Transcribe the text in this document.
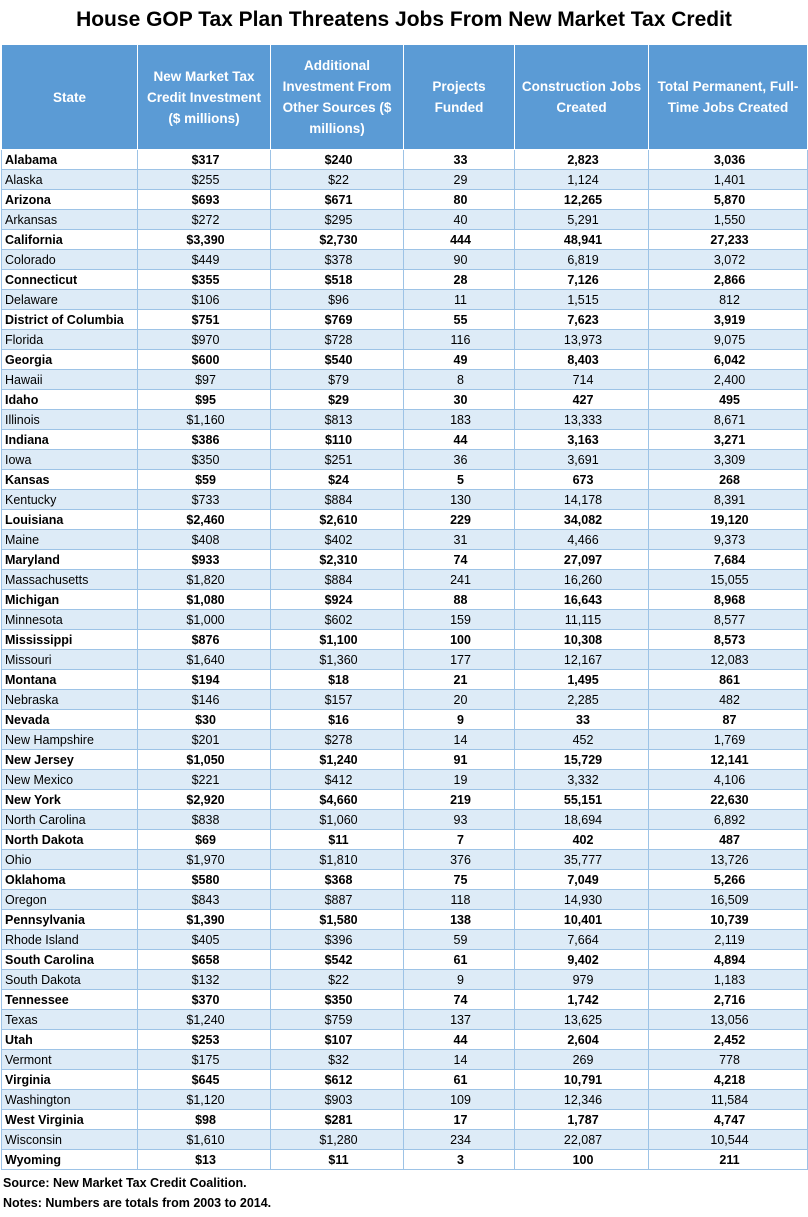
House GOP Tax Plan Threatens Jobs From New Market Tax Credit
State	New Market Tax Credit Investment ($ millions)	Additional Investment From Other Sources ($ millions)	Projects Funded	Construction Jobs Created	Total Permanent, Full-Time Jobs Created
Alabama	$317	$240	33	2,823	3,036
Alaska	$255	$22	29	1,124	1,401
Arizona	$693	$671	80	12,265	5,870
Arkansas	$272	$295	40	5,291	1,550
California	$3,390	$2,730	444	48,941	27,233
Colorado	$449	$378	90	6,819	3,072
Connecticut	$355	$518	28	7,126	2,866
Delaware	$106	$96	11	1,515	812
District of Columbia	$751	$769	55	7,623	3,919
Florida	$970	$728	116	13,973	9,075
Georgia	$600	$540	49	8,403	6,042
Hawaii	$97	$79	8	714	2,400
Idaho	$95	$29	30	427	495
Illinois	$1,160	$813	183	13,333	8,671
Indiana	$386	$110	44	3,163	3,271
Iowa	$350	$251	36	3,691	3,309
Kansas	$59	$24	5	673	268
Kentucky	$733	$884	130	14,178	8,391
Louisiana	$2,460	$2,610	229	34,082	19,120
Maine	$408	$402	31	4,466	9,373
Maryland	$933	$2,310	74	27,097	7,684
Massachusetts	$1,820	$884	241	16,260	15,055
Michigan	$1,080	$924	88	16,643	8,968
Minnesota	$1,000	$602	159	11,115	8,577
Mississippi	$876	$1,100	100	10,308	8,573
Missouri	$1,640	$1,360	177	12,167	12,083
Montana	$194	$18	21	1,495	861
Nebraska	$146	$157	20	2,285	482
Nevada	$30	$16	9	33	87
New Hampshire	$201	$278	14	452	1,769
New Jersey	$1,050	$1,240	91	15,729	12,141
New Mexico	$221	$412	19	3,332	4,106
New York	$2,920	$4,660	219	55,151	22,630
North Carolina	$838	$1,060	93	18,694	6,892
North Dakota	$69	$11	7	402	487
Ohio	$1,970	$1,810	376	35,777	13,726
Oklahoma	$580	$368	75	7,049	5,266
Oregon	$843	$887	118	14,930	16,509
Pennsylvania	$1,390	$1,580	138	10,401	10,739
Rhode Island	$405	$396	59	7,664	2,119
South Carolina	$658	$542	61	9,402	4,894
South Dakota	$132	$22	9	979	1,183
Tennessee	$370	$350	74	1,742	2,716
Texas	$1,240	$759	137	13,625	13,056
Utah	$253	$107	44	2,604	2,452
Vermont	$175	$32	14	269	778
Virginia	$645	$612	61	10,791	4,218
Washington	$1,120	$903	109	12,346	11,584
West Virginia	$98	$281	17	1,787	4,747
Wisconsin	$1,610	$1,280	234	22,087	10,544
Wyoming	$13	$11	3	100	211
Source: New Market Tax Credit Coalition.
Notes: Numbers are totals from 2003 to 2014.
